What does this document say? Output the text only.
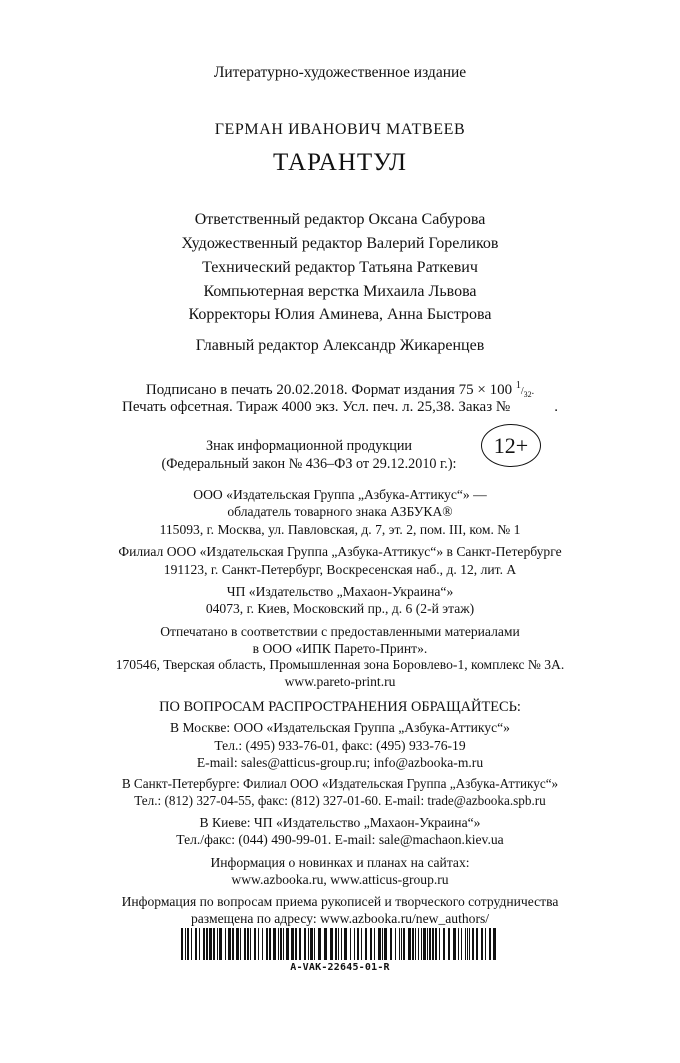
Литературно-художественное издание
ГЕРМАН ИВАНОВИЧ МАТВЕЕВ
ТАРАНТУЛ
Ответственный редактор Оксана Сабурова
Художественный редактор Валерий Гореликов
Технический редактор Татьяна Раткевич
Компьютерная верстка Михаила Львова
Корректоры Юлия Аминева, Анна Быстрова
Главный редактор Александр Жикаренцев
Подписано в печать 20.02.2018. Формат издания 75 × 100 $^1/_{32}$.
Печать офсетная. Тираж 4000 экз. Усл. печ. л. 25,38. Заказ №	.
Знак информационной продукции
(Федеральный закон № 436–ФЗ от 29.12.2010 г.):
12+
ООО «Издательская Группа „Азбука-Аттикус“» —
обладатель товарного знака АЗБУКА®
115093, г. Москва, ул. Павловская, д. 7, эт. 2, пом. III, ком. № 1
Филиал ООО «Издательская Группа „Азбука-Аттикус“» в Санкт-Петербурге
191123, г. Санкт-Петербург, Воскресенская наб., д. 12, лит. А
ЧП «Издательство „Махаон-Украина“»
04073, г. Киев, Московский пр., д. 6 (2-й этаж)
Отпечатано в соответствии с предоставленными материалами
в ООО «ИПК Парето-Принт».
170546, Тверская область, Промышленная зона Боровлево-1, комплекс № 3А.
www.pareto-print.ru
ПО ВОПРОСАМ РАСПРОСТРАНЕНИЯ ОБРАЩАЙТЕСЬ:
В Москве: ООО «Издательская Группа „Азбука-Аттикус“»
Тел.: (495) 933-76-01, факс: (495) 933-76-19
E-mail: sales@atticus-group.ru; info@azbooka-m.ru
В Санкт-Петербурге: Филиал ООО «Издательская Группа „Азбука-Аттикус“»
Тел.: (812) 327-04-55, факс: (812) 327-01-60. E-mail: trade@azbooka.spb.ru
В Киеве: ЧП «Издательство „Махаон-Украина“»
Тел./факс: (044) 490-99-01. E-mail: sale@machaon.kiev.ua
Информация о новинках и планах на сайтах:
www.azbooka.ru, www.atticus-group.ru
Информация по вопросам приема рукописей и творческого сотрудничества
размещена по адресу: www.azbooka.ru/new_authors/
A-VAK-22645-01-R
